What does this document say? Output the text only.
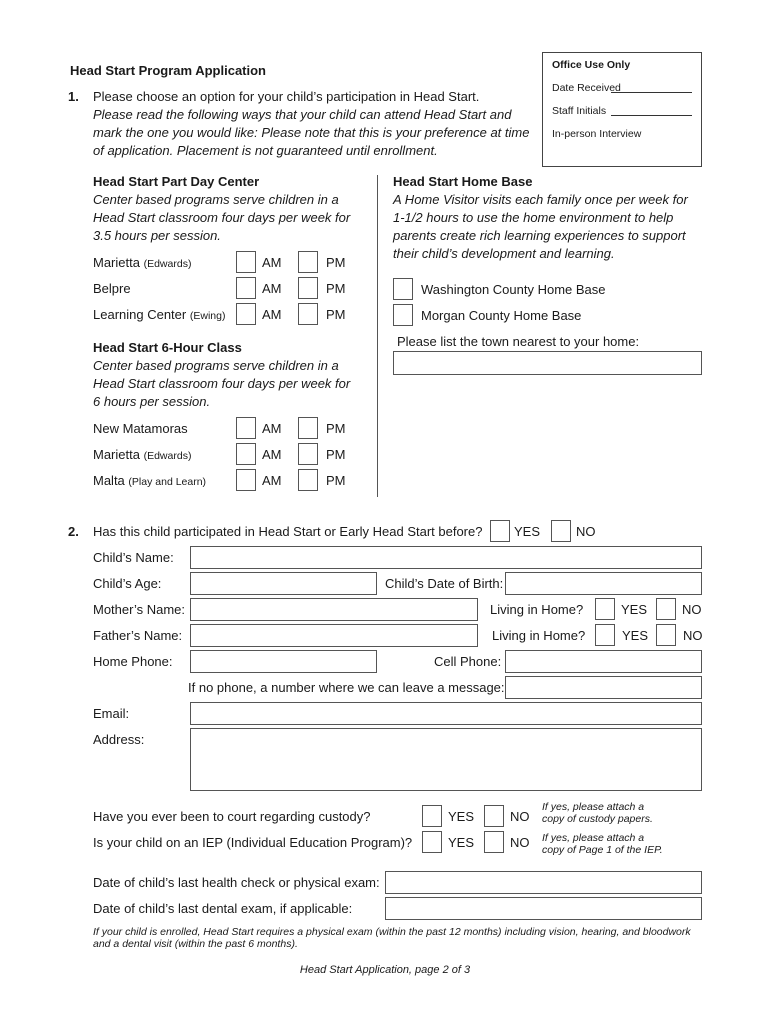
Office Use Only
Date Received
Staff Initials
In-person Interview
Head Start Program Application
1. Please choose an option for your child’s participation in Head Start.
Please read the following ways that your child can attend Head Start and
mark the one you would like: Please note that this is your preference at time
of application. Placement is not guaranteed until enrollment.
Head Start Part Day Center
Center based programs serve children in a
Head Start classroom four days per week for
3.5 hours per session.
Marietta (Edwards)	AM	PM
Belpre	AM	PM
Learning Center (Ewing)	AM	PM
Head Start 6-Hour Class
Center based programs serve children in a
Head Start classroom four days per week for
6 hours per session.
New Matamoras	AM	PM
Marietta (Edwards)	AM	PM
Malta (Play and Learn)	AM	PM
Head Start Home Base
A Home Visitor visits each family once per week for
1-1/2 hours to use the home environment to help
parents create rich learning experiences to support
their child’s development and learning.
Washington County Home Base
Morgan County Home Base
Please list the town nearest to your home:
2. Has this child participated in Head Start or Early Head Start before? YES	NO
Child’s Name:
Child’s Age:	Child’s Date of Birth:
Mother’s Name:	Living in Home?	YES	NO
Father’s Name:	Living in Home?	YES	NO
Home Phone:	Cell Phone:
If no phone, a number where we can leave a message:
Email:
Address:
Have you ever been to court regarding custody?	YES	NO
If yes, please attach a
copy of custody papers.
Is your child on an IEP (Individual Education Program)?	YES	NO If yes, please attach a
copy of Page 1 of the IEP.
Date of child’s last health check or physical exam:
Date of child’s last dental exam, if applicable:
If your child is enrolled, Head Start requires a physical exam (within the past 12 months) including vision, hearing, and bloodwork
and a dental visit (within the past 6 months).
Head Start Application, page 2 of 3
